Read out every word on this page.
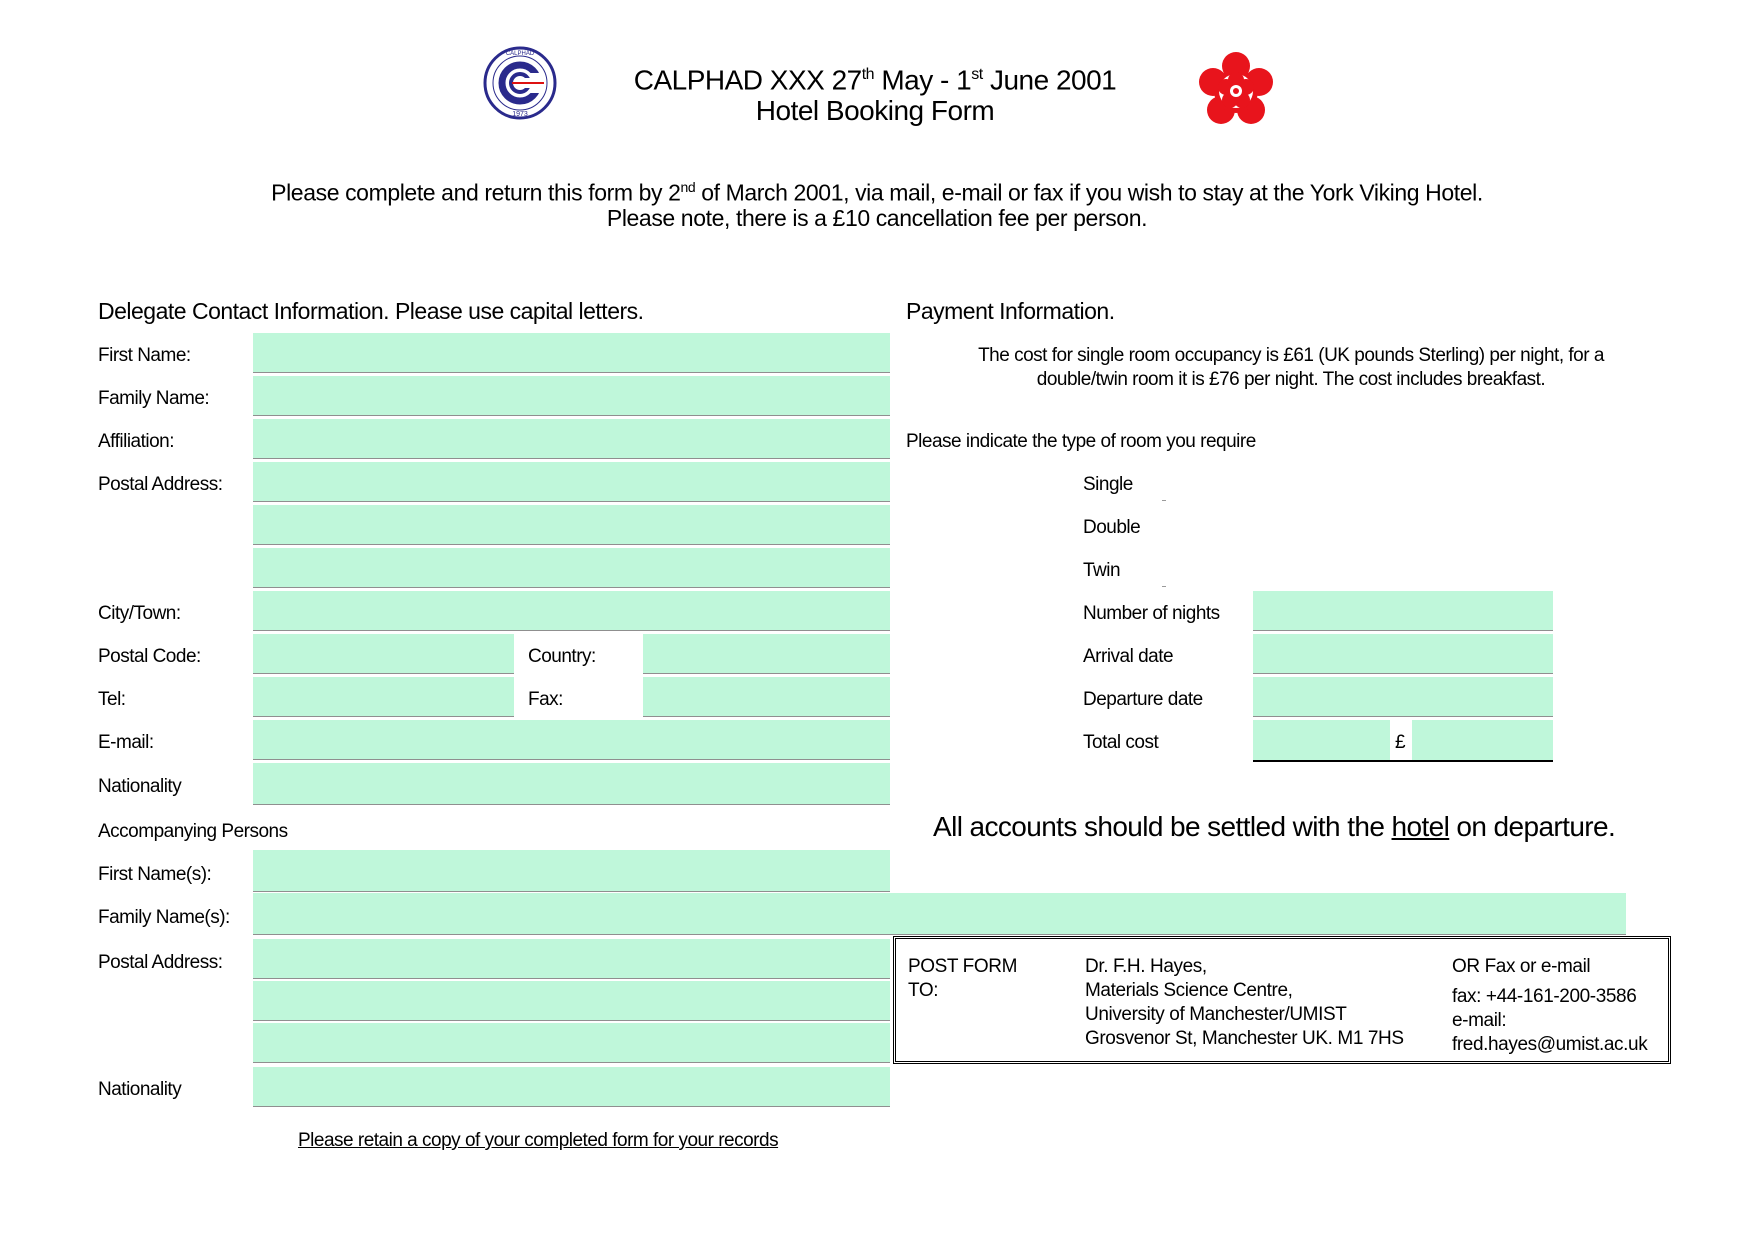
1973
CALPHAD
CALPHAD XXX 27th May - 1st June 2001
Hotel Booking Form
Please complete and return this form by 2nd of March 2001, via mail, e-mail or fax if you wish to stay at the York Viking Hotel.
Please note, there is a £10 cancellation fee per person.
Delegate Contact Information. Please use capital letters.
First Name:
Family Name:
Affiliation:
Postal Address:
City/Town:
Postal Code:	Country:
Tel:	Fax:
E-mail:
Nationality
Accompanying Persons
First Name(s):
Family Name(s):
Postal Address:
Nationality
Please retain a copy of your completed form for your records
Payment Information.
The cost for single room occupancy is £61 (UK pounds Sterling) per night, for a
double/twin room it is £76 per night. The cost includes breakfast.
Please indicate the type of room you require
Single
Double
Twin
Number of nights
Arrival date
Departure date
Total cost	£
All accounts should be settled with the hotel on departure.
POST FORM
TO:
Dr. F.H. Hayes,
Materials Science Centre,
University of Manchester/UMIST
Grosvenor St, Manchester UK. M1 7HS
OR Fax or e-mail
fax: +44-161-200-3586
e-mail:
fred.hayes@umist.ac.uk
